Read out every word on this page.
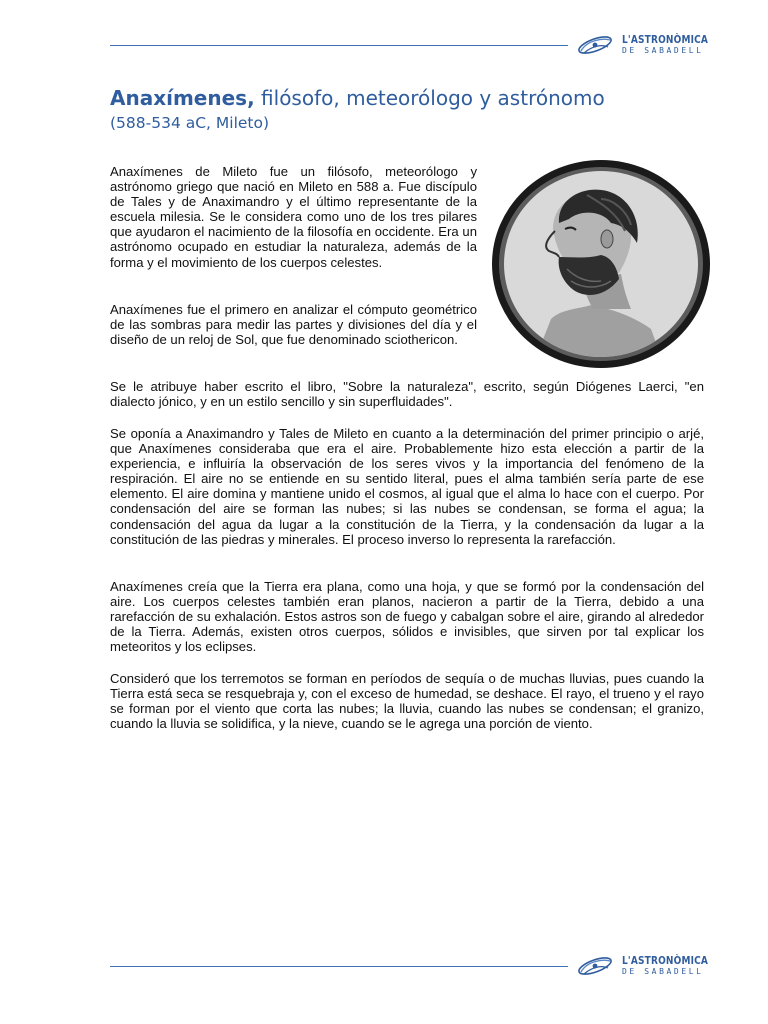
L'ASTRONÒMICA
DE SABADELL
Anaxímenes, filósofo, meteorólogo y astrónomo
(588-534 aC, Mileto)

Anaxímenes de Mileto fue un filósofo, meteorólogo y astrónomo griego que nació en Mileto en 588 a. Fue discípulo de Tales y de Anaximandro y el último representante de la escuela milesia. Se le considera como uno de los tres pilares que ayudaron el nacimiento de la filosofía en occidente. Era un astrónomo ocupado en estudiar la naturaleza, además de la forma y el movimiento de los cuerpos celestes.

Anaxímenes fue el primero en analizar el cómputo geométrico de las sombras para medir las partes y divisiones del día y el diseño de un reloj de Sol, que fue denominado sciothericon.

Se le atribuye haber escrito el libro, "Sobre la naturaleza", escrito, según Diógenes Laerci, "en dialecto jónico, y en un estilo sencillo y sin superfluidades".

Se oponía a Anaximandro y Tales de Mileto en cuanto a la determinación del primer principio o arjé, que Anaxímenes consideraba que era el aire. Probablemente hizo esta elección a partir de la experiencia, e influiría la observación de los seres vivos y la importancia del fenómeno de la respiración. El aire no se entiende en su sentido literal, pues el alma también sería parte de ese elemento. El aire domina y mantiene unido el cosmos, al igual que el alma lo hace con el cuerpo. Por condensación del aire se forman las nubes; si las nubes se condensan, se forma el agua; la condensación del agua da lugar a la constitución de la Tierra, y la condensación da lugar a la constitución de las piedras y minerales. El proceso inverso lo representa la rarefacción.

Anaxímenes creía que la Tierra era plana, como una hoja, y que se formó por la condensación del aire. Los cuerpos celestes también eran planos, nacieron a partir de la Tierra, debido a una rarefacción de su exhalación. Estos astros son de fuego y cabalgan sobre el aire, girando al alrededor de la Tierra. Además, existen otros cuerpos, sólidos e invisibles, que sirven por tal explicar los meteoritos y los eclipses.

Consideró que los terremotos se forman en períodos de sequía o de muchas lluvias, pues cuando la Tierra está seca se resquebraja y, con el exceso de humedad, se deshace. El rayo, el trueno y el rayo se forman por el viento que corta las nubes; la lluvia, cuando las nubes se condensan; el granizo, cuando la lluvia se solidifica, y la nieve, cuando se le agrega una porción de viento.

L'ASTRONÒMICA
DE SABADELL
